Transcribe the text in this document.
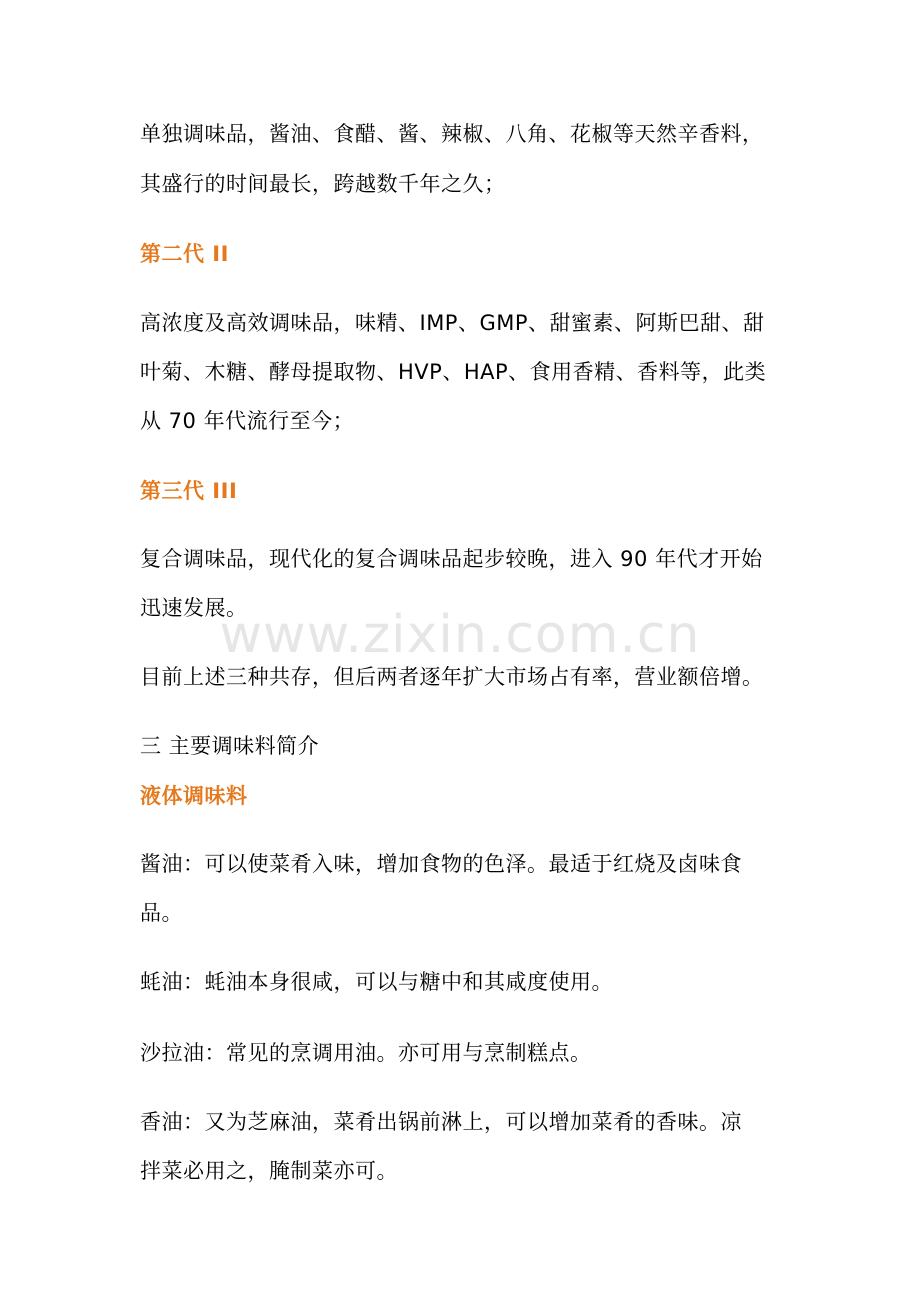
单独调味品，酱油、食醋、酱、辣椒、八角、花椒等天然辛香料，
其盛行的时间最长，跨越数千年之久；
第二代 II
高浓度及高效调味品，味精、IMP、GMP、甜蜜素、阿斯巴甜、甜
叶菊、木糖、酵母提取物、HVP、HAP、食用香精、香料等，此类
从 70 年代流行至今；
第三代 III
复合调味品，现代化的复合调味品起步较晚，进入 90 年代才开始
迅速发展。
目前上述三种共存，但后两者逐年扩大市场占有率，营业额倍增。
三 主要调味料简介
液体调味料
酱油：可以使菜肴入味，增加食物的色泽。最适于红烧及卤味食
品。
蚝油：蚝油本身很咸，可以与糖中和其咸度使用。
沙拉油：常见的烹调用油。亦可用与烹制糕点。
香油：又为芝麻油，菜肴出锅前淋上，可以增加菜肴的香味。凉
拌菜必用之，腌制菜亦可。
www.zixin.com.cn
